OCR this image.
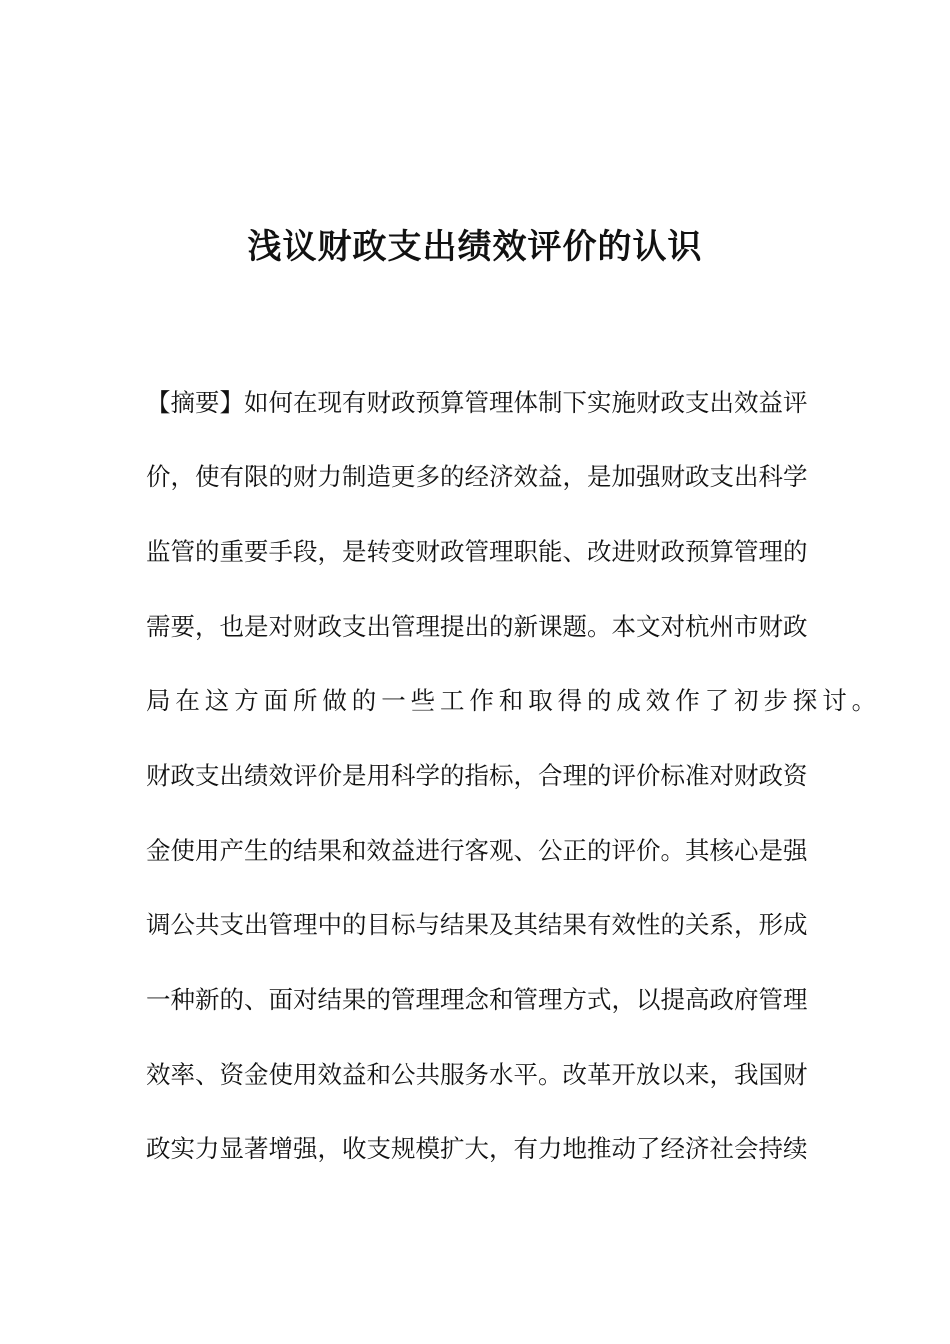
浅议财政支出绩效评价的认识

【 摘 要 】 如 何 在 现 有 财 政 预 算 管 理 体 制 下 实 施 财 政 支 出 效 益 评

价 ， 使 有 限 的 财 力 制 造 更 多 的 经 济 效 益 ， 是 加 强 财 政 支 出 科 学

监 管 的 重 要 手 段 ， 是 转 变 财 政 管 理 职 能 、 改 进 财 政 预 算 管 理 的

需 要 ， 也 是 对 财 政 支 出 管 理 提 出 的 新 课 题 。 本 文 对 杭 州 市 财 政

局在这方面所做的一些工作和取得的成效作了初步探讨。

财 政 支 出 绩 效 评 价 是 用 科 学 的 指 标 ， 合 理 的 评 价 标 准 对 财 政 资

金 使 用 产 生 的 结 果 和 效 益 进 行 客 观 、 公 正 的 评 价 。 其 核 心 是 强

调 公 共 支 出 管 理 中 的 目 标 与 结 果 及 其 结 果 有 效 性 的 关 系 ， 形 成

一 种 新 的 、 面 对 结 果 的 管 理 理 念 和 管 理 方 式 ， 以 提 高 政 府 管 理

效 率 、 资 金 使 用 效 益 和 公 共 服 务 水 平 。 改 革 开 放 以 来 ， 我 国 财

政 实 力 显 著 增 强 ， 收 支 规 模 扩 大 ， 有 力 地 推 动 了 经 济 社 会 持 续
